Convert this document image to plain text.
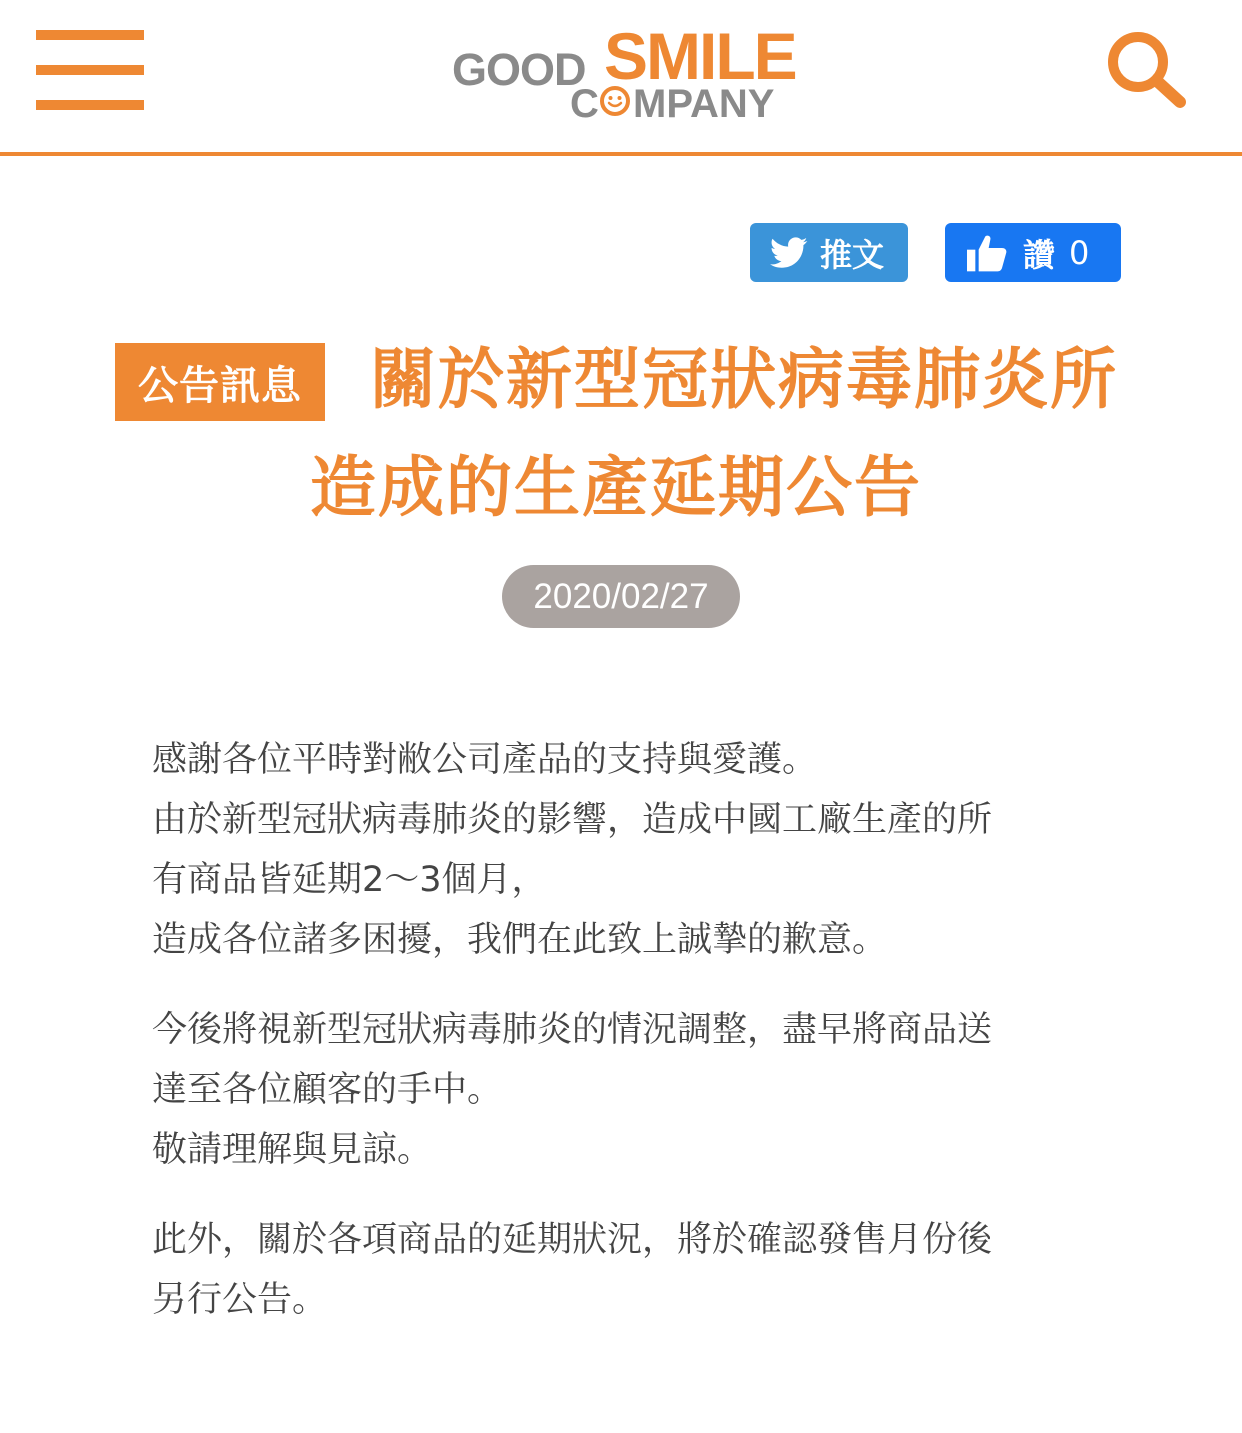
GOOD SMILE
C MPANY
推文	讚 0
公告訊息	關於新型冠狀病毒肺炎所
造成的生產延期公告
2020/02/27
感謝各位平時對敝公司產品的支持與愛護。
由於新型冠狀病毒肺炎的影響，造成中國工廠生產的所
有商品皆延期2～3個月，
造成各位諸多困擾，我們在此致上誠摯的歉意。
今後將視新型冠狀病毒肺炎的情況調整，盡早將商品送
達至各位顧客的手中。
敬請理解與見諒。
此外，關於各項商品的延期狀況，將於確認發售月份後
另行公告。
